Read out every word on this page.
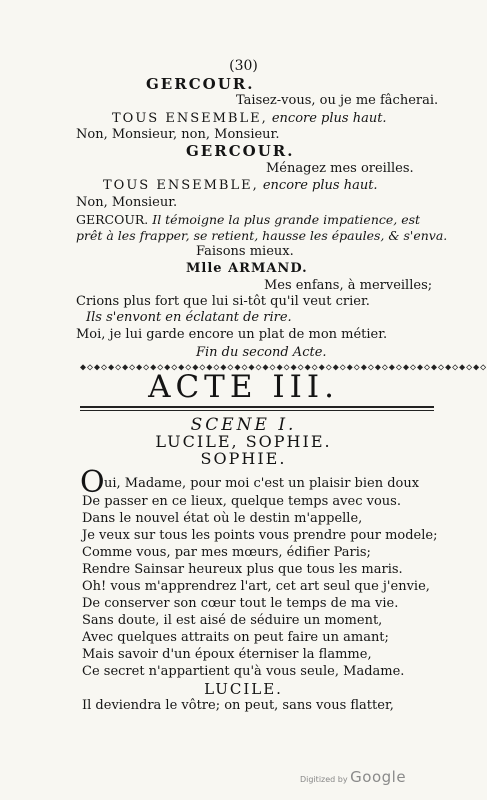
(30)
GERCOUR.
Taisez-vous, ou je me fâcherai.
TOUS ENSEMBLE, encore plus haut.
Non, Monsieur, non, Monsieur.
GERCOUR.
Ménagez mes oreilles.
TOUS ENSEMBLE, encore plus haut.
Non, Monsieur.
GERCOUR. Il témoigne la plus grande impatience, est
prêt à les frapper, se retient, hausse les épaules, & s'enva.
Faisons mieux.
Mlle ARMAND.
Mes enfans, à merveilles;
Crions plus fort que lui si-tôt qu'il veut crier.
Ils s'envont en éclatant de rire.
Moi, je lui garde encore un plat de mon métier.
Fin du second Acte.
◆◇◆◇◆◇◆◇◆◇◆◇◆◇◆◇◆◇◆◇◆◇◆◇◆◇◆◇◆◇◆◇◆◇◆◇◆◇◆◇◆◇◆◇◆◇◆◇◆◇◆◇◆◇◆◇◆◇
ACTE III.
SCENE I.
LUCILE, SOPHIE.
SOPHIE.
O ui, Madame, pour moi c'est un plaisir bien doux
De passer en ce lieux, quelque temps avec vous.
Dans le nouvel état où le destin m'appelle,
Je veux sur tous les points vous prendre pour modele;
Comme vous, par mes mœurs, édifier Paris;
Rendre Sainsar heureux plus que tous les maris.
Oh! vous m'apprendrez l'art, cet art seul que j'envie,
De conserver son cœur tout le temps de ma vie.
Sans doute, il est aisé de séduire un moment,
Avec quelques attraits on peut faire un amant;
Mais savoir d'un époux éterniser la flamme,
Ce secret n'appartient qu'à vous seule, Madame.
LUCILE.
Il deviendra le vôtre; on peut, sans vous flatter,
Digitized by Google
